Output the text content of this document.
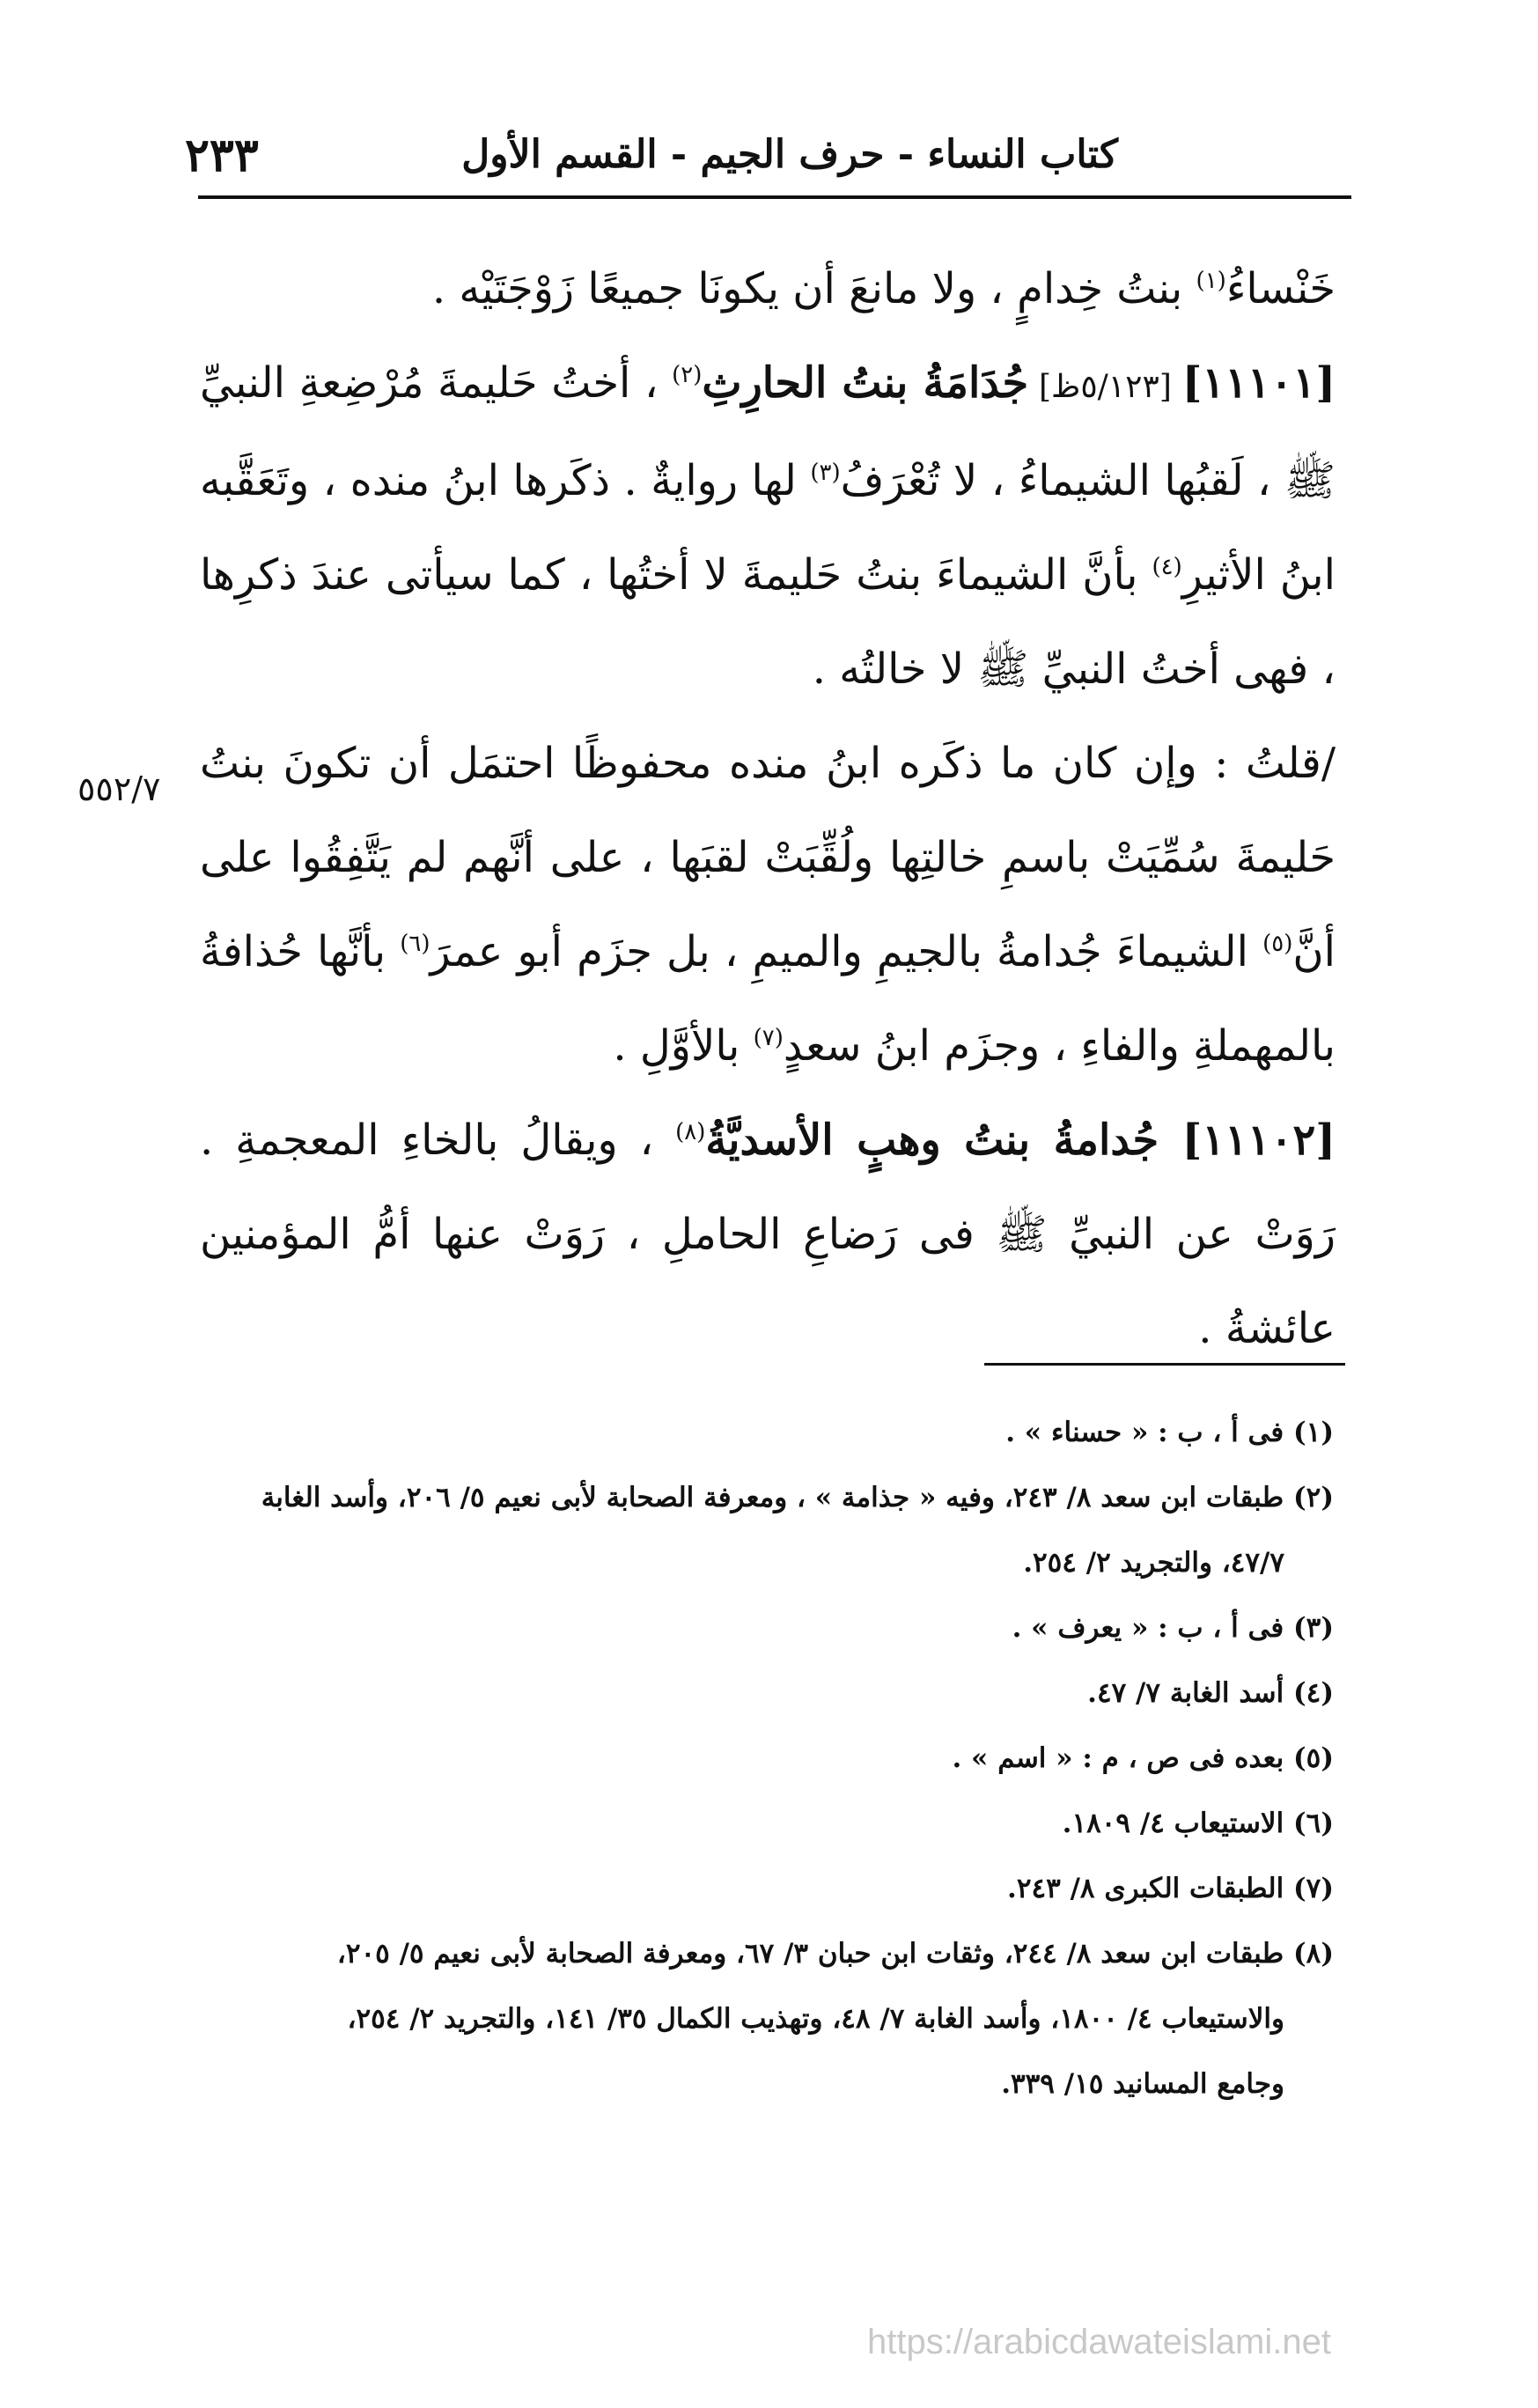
كتاب النساء - حرف الجيم - القسم الأول
٢٣٣

خَنْساءُ$^{(١)}$ بنتُ خِدامٍ ، ولا مانعَ أن يكونَا جميعًا زَوْجَتَيْه .

[١١١٠١] [٥/١٢٣ظ] جُدَامَةُ بنتُ الحارِثِ$^{(٢)}$ ، أختُ حَليمةَ مُرْضِعةِ النبيِّ ﷺ ، لَقبُها الشيماءُ ، لا تُعْرَفُ$^{(٣)}$ لها روايةٌ . ذكَرها ابنُ منده ، وتَعَقَّبه ابنُ الأثيرِ$^{(٤)}$ بأنَّ الشيماءَ بنتُ حَليمةَ لا أختُها ، كما سيأتى عندَ ذكرِها ، فهى أختُ النبيِّ ﷺ لا خالتُه .

/قلتُ : وإن كان ما ذكَره ابنُ منده محفوظًا احتمَل أن تكونَ بنتُ حَليمةَ سُمِّيَتْ باسمِ خالتِها ولُقِّبَتْ لقبَها ، على أنَّهم لم يَتَّفِقُوا على أنَّ$^{(٥)}$ الشيماءَ جُدامةُ بالجيمِ والميمِ ، بل جزَم أبو عمرَ$^{(٦)}$ بأنَّها حُذافةُ بالمهملةِ والفاءِ ، وجزَم ابنُ سعدٍ$^{(٧)}$ بالأوَّلِ .

[١١١٠٢] جُدامةُ بنتُ وهبٍ الأسديَّةُ$^{(٨)}$ ، ويقالُ بالخاءِ المعجمةِ . رَوَتْ عن النبيِّ ﷺ فى رَضاعِ الحاملِ ، رَوَتْ عنها أمُّ المؤمنين عائشةُ .

٥٥٢/٧

(١) فى أ ، ب : « حسناء » .

(٢) طبقات ابن سعد ٨/ ٢٤٣، وفيه « جذامة » ، ومعرفة الصحابة لأبى نعيم ٥/ ٢٠٦، وأسد الغابة

٤٧/٧، والتجريد ٢/ ٢٥٤.

(٣) فى أ ، ب : « يعرف » .

(٤) أسد الغابة ٧/ ٤٧.

(٥) بعده فى ص ، م : « اسم » .

(٦) الاستيعاب ٤/ ١٨٠٩.

(٧) الطبقات الكبرى ٨/ ٢٤٣.

(٨) طبقات ابن سعد ٨/ ٢٤٤، وثقات ابن حبان ٣/ ٦٧، ومعرفة الصحابة لأبى نعيم ٥/ ٢٠٥،

والاستيعاب ٤/ ١٨٠٠، وأسد الغابة ٧/ ٤٨، وتهذيب الكمال ٣٥/ ١٤١، والتجريد ٢/ ٢٥٤،

وجامع المسانيد ١٥/ ٣٣٩.

https://arabicdawateislami.net
